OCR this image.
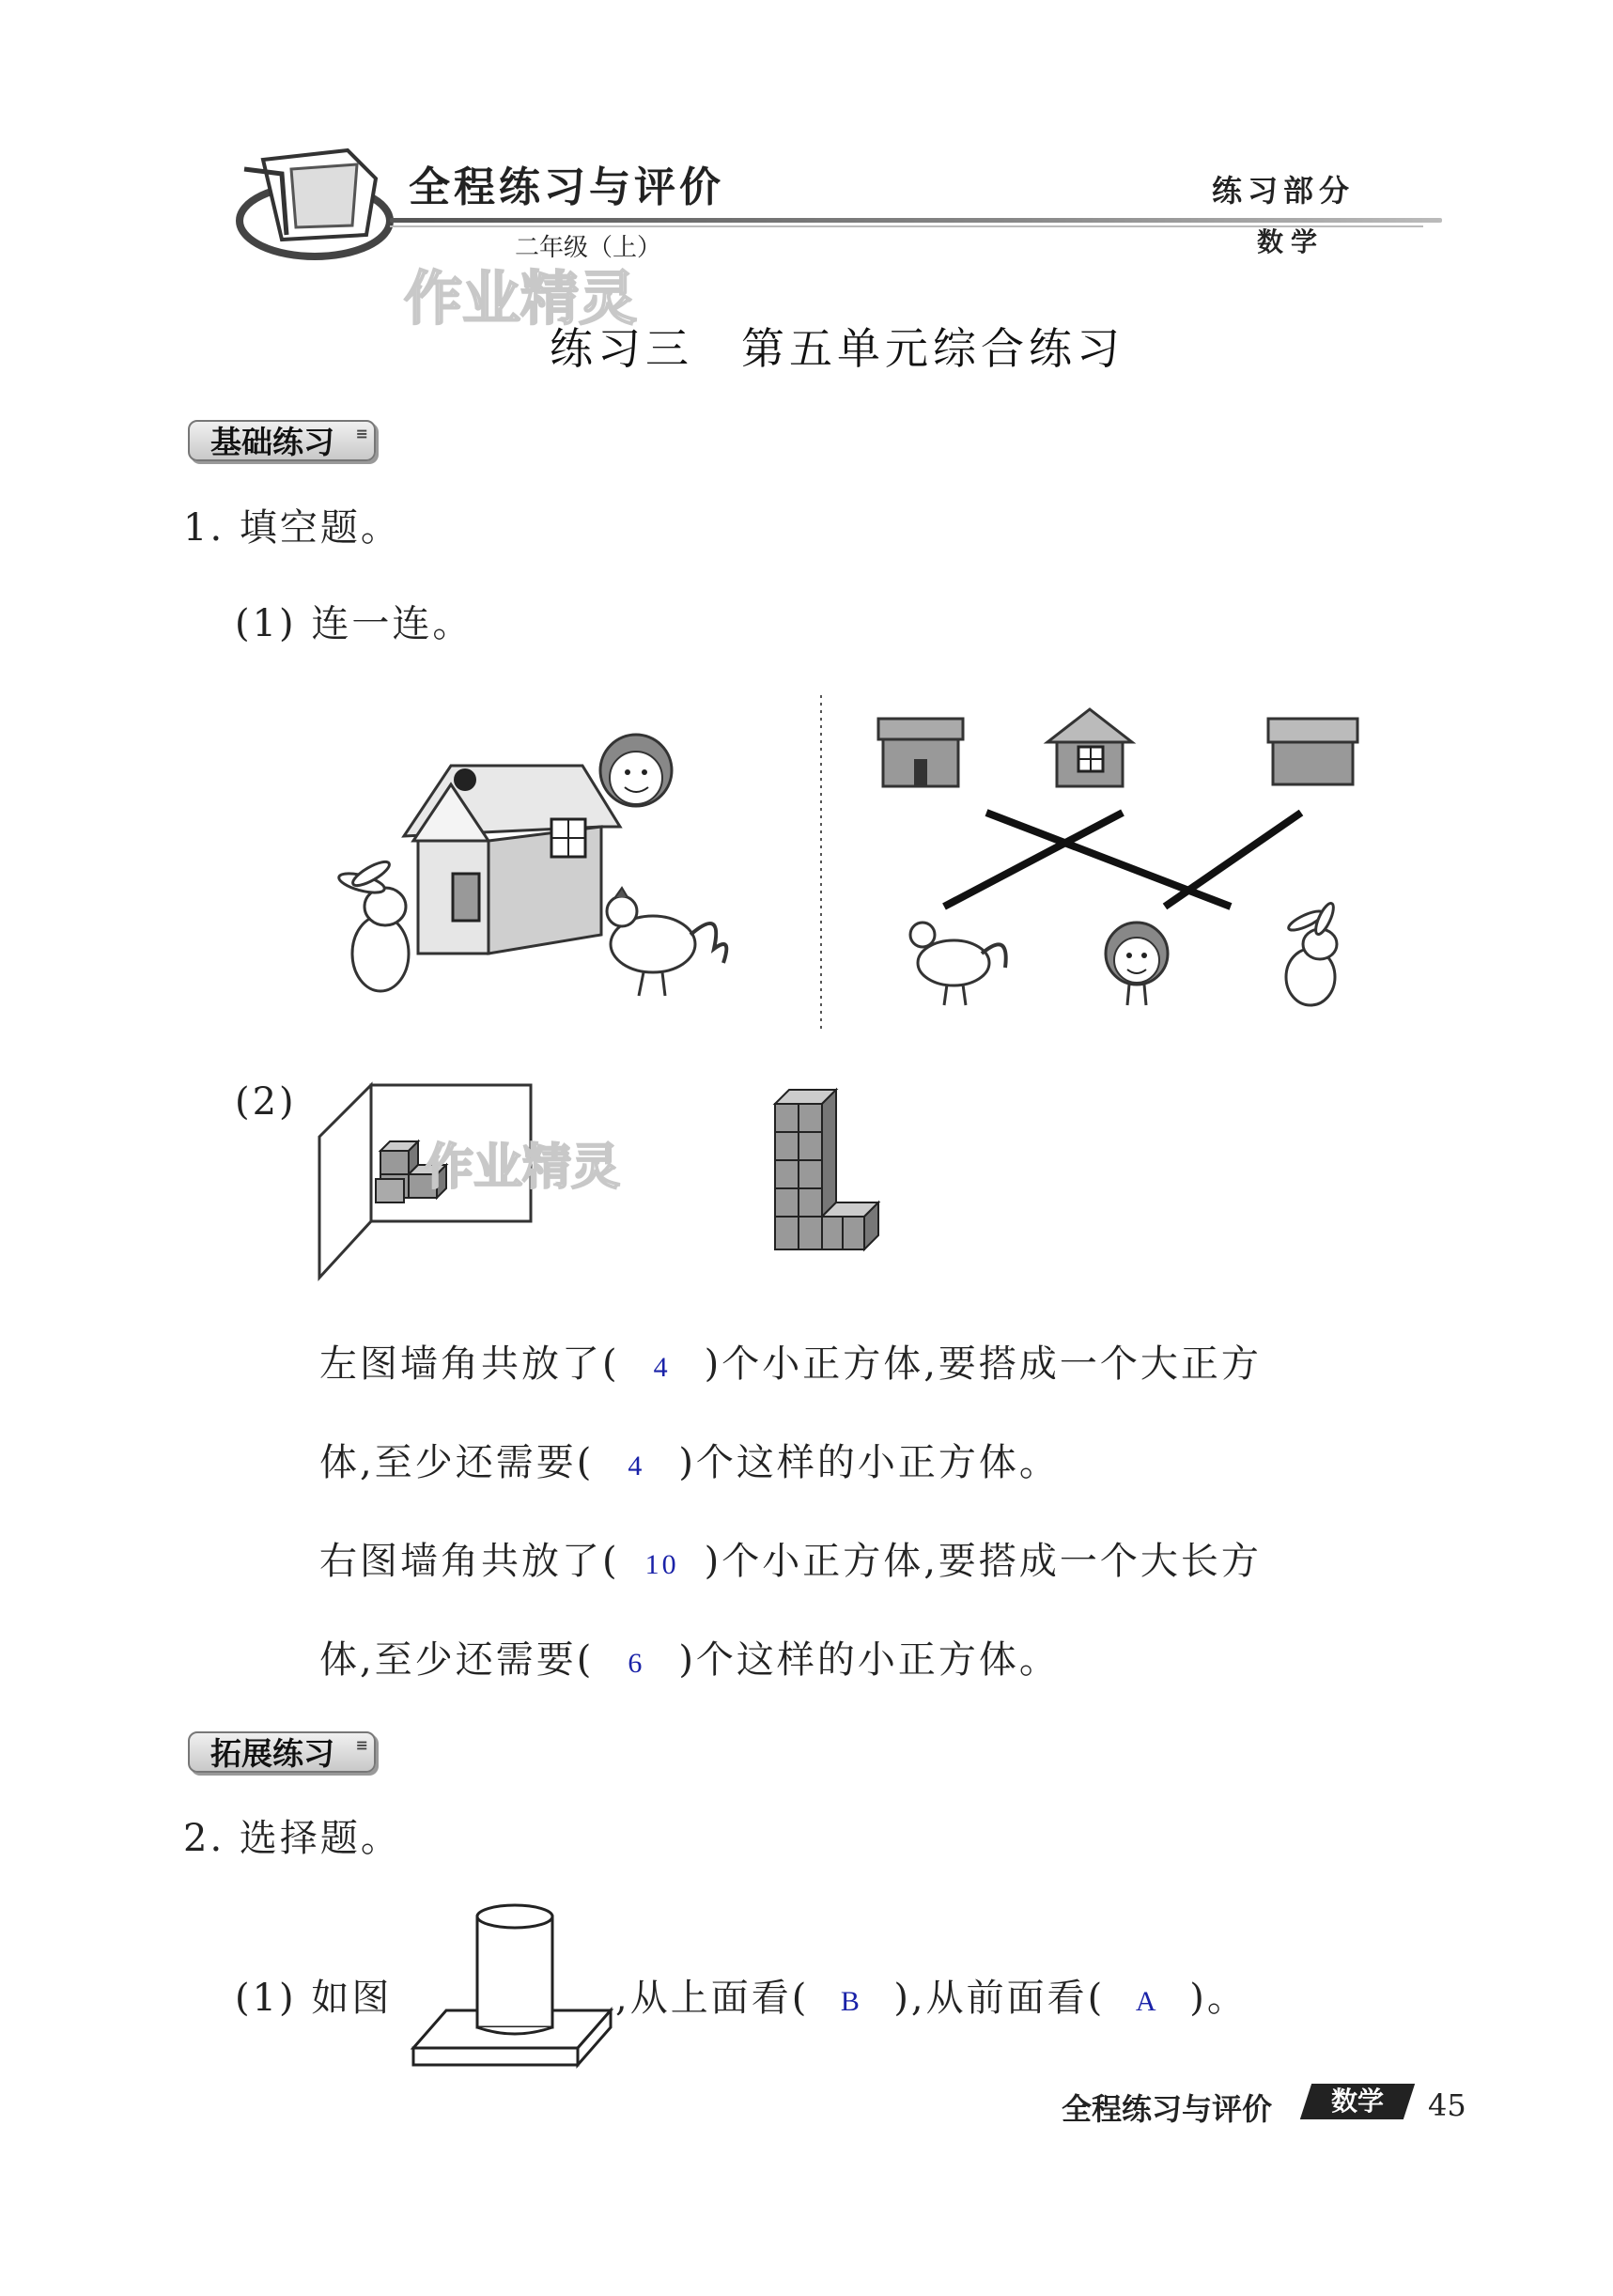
全程练习与评价
二年级（上）
练习部分
数学
作业精灵
练习三　第五单元综合练习
基础练习 ≡
1. 填空题。
(1) 连一连。
(2)
作业精灵
左图墙角共放了( 4 )个小正方体,要搭成一个大正方
体,至少还需要( 4 )个这样的小正方体。
右图墙角共放了( 10 )个小正方体,要搭成一个大长方
体,至少还需要( 6 )个这样的小正方体。
拓展练习 ≡
2. 选择题。
(1) 如图	,从上面看( B ),从前面看( A )。
全程练习与评价	数学	45
